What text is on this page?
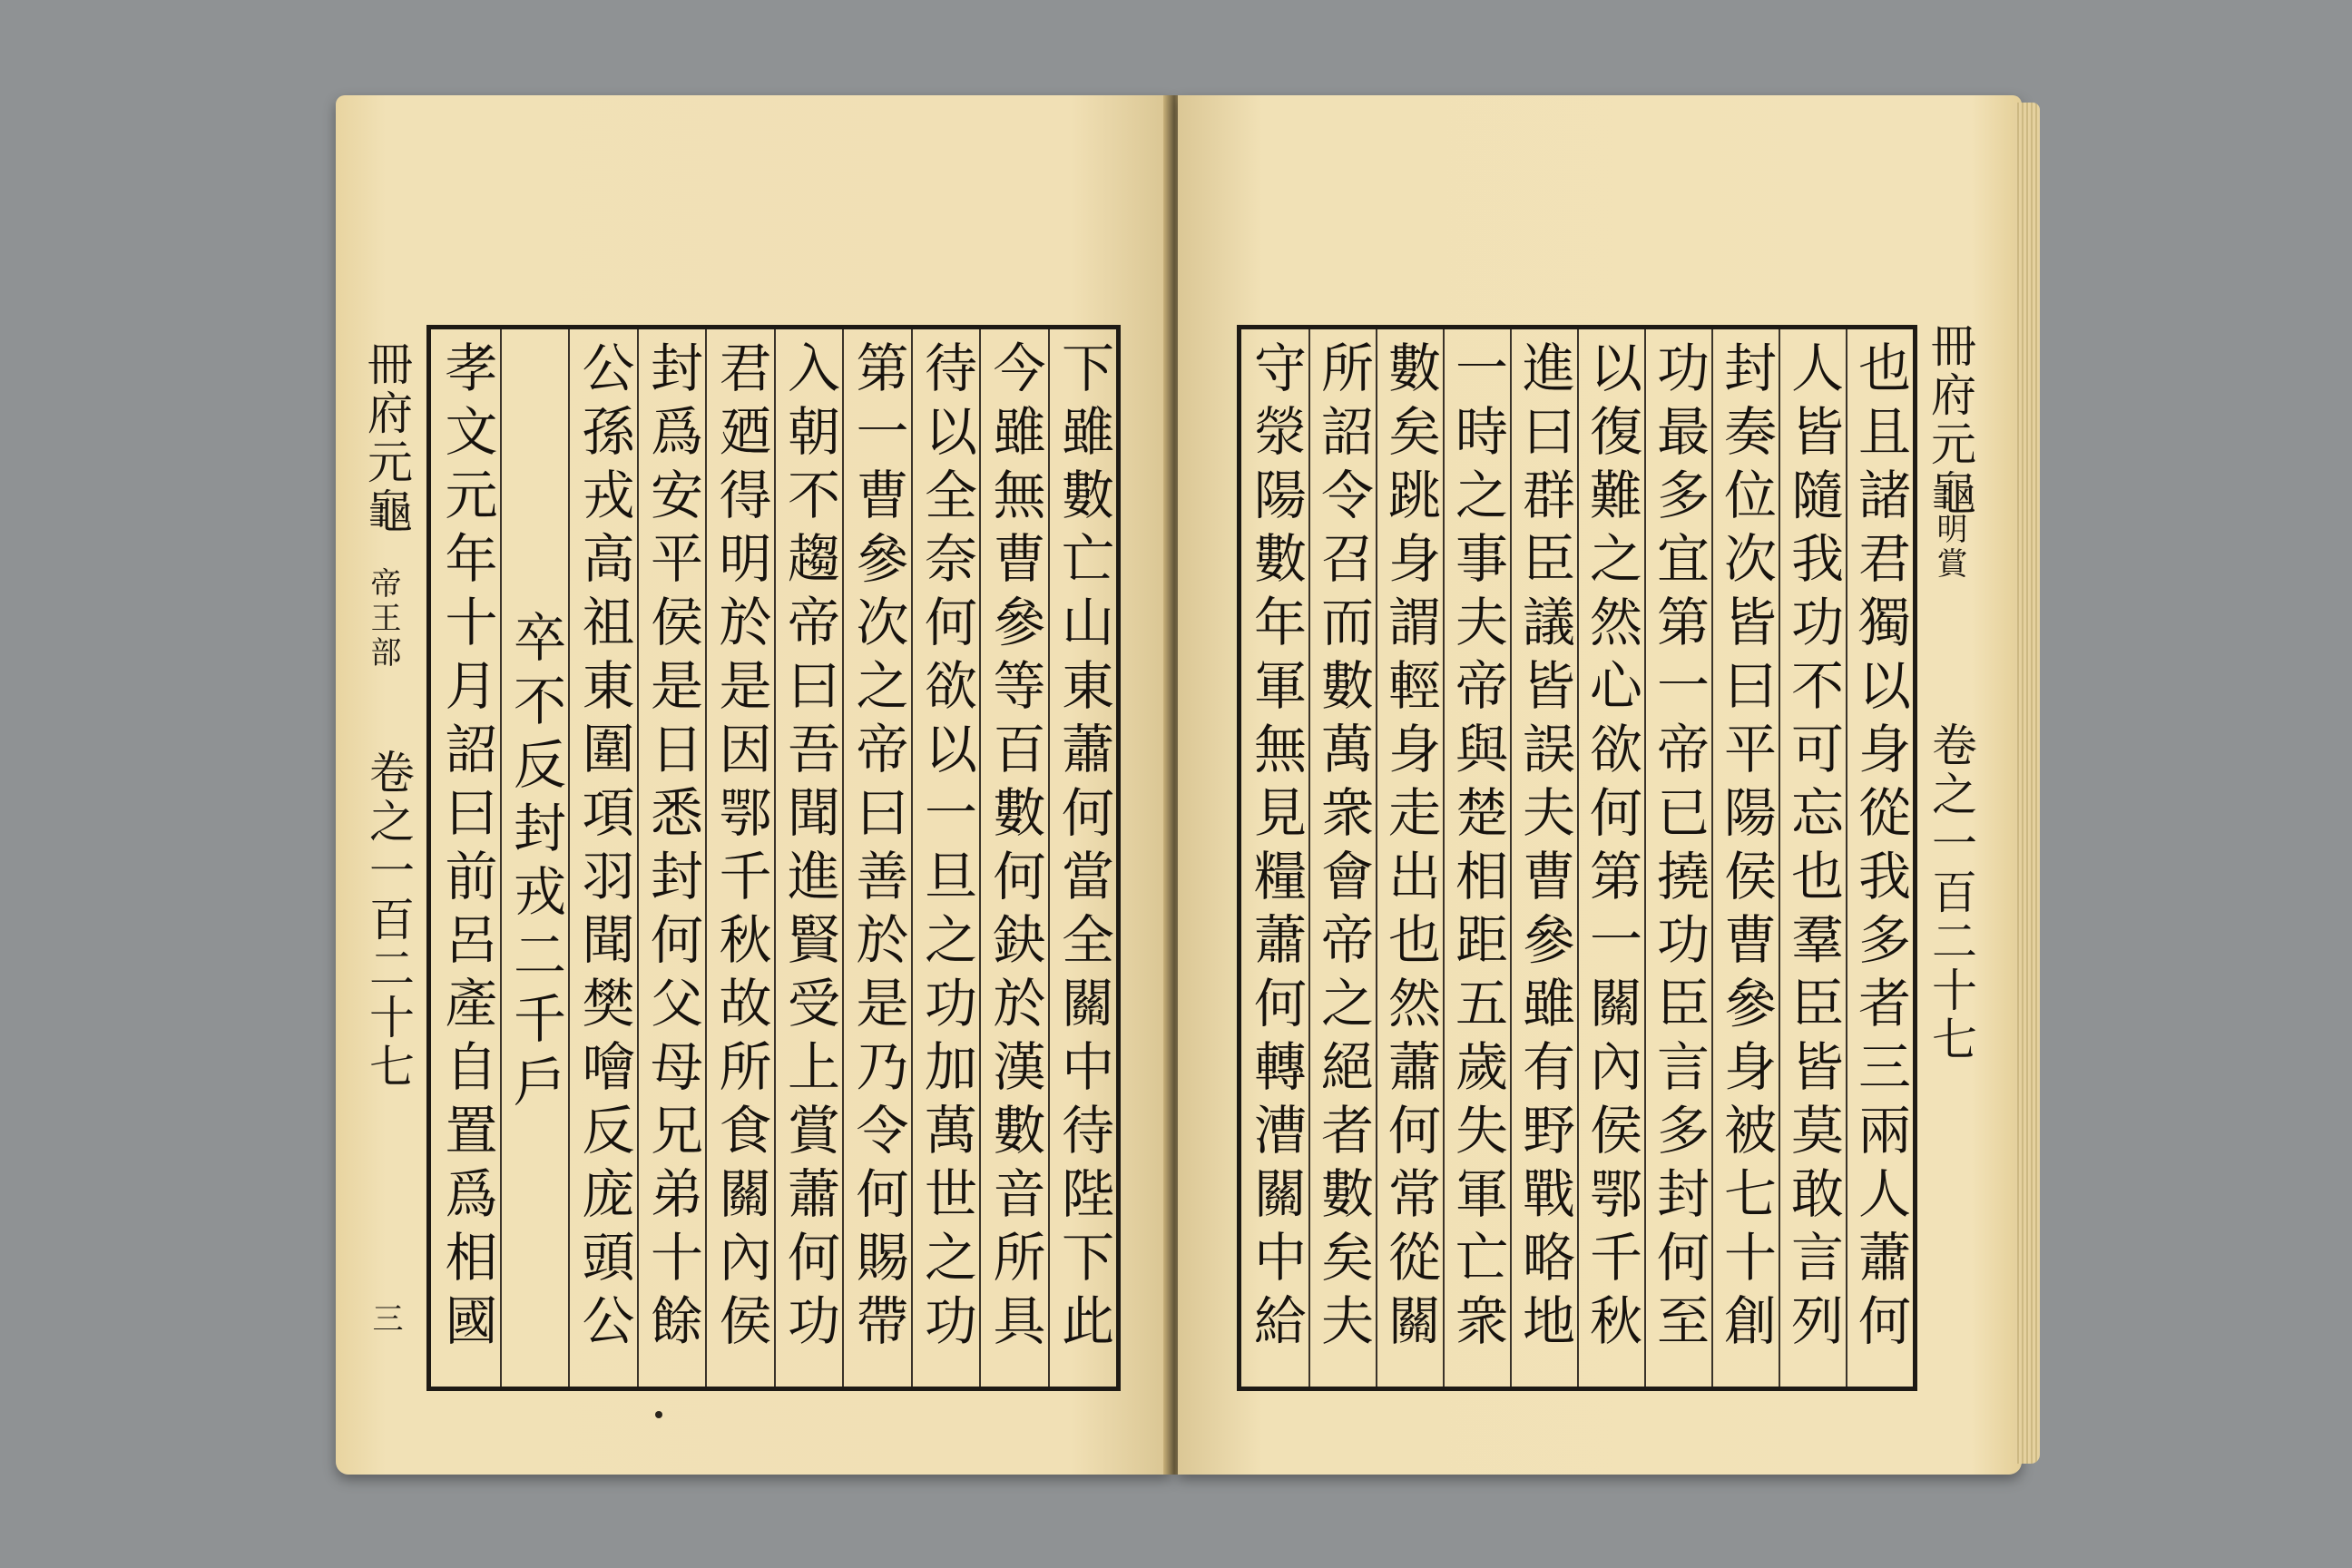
冊府元龜
帝王部
卷之一百二十七
三
下雖數亡山東蕭何當全關中待陛下此
今雖無曹參等百數何鈌於漢數音所具
待以全奈何欲以一旦之功加萬世之功
第一曹參次之帝曰善於是乃令何賜帶
入朝不趨帝曰吾聞進賢受上賞蕭何功
君廼得明於是因鄂千秋故所食關內侯
封爲安平侯是日悉封何父母兄弟十餘
公孫戎高祖東圍項羽聞樊噲反庞頭公
卒不反封戎二千戶
孝文元年十月詔曰前呂產自置爲相國
也且諸君獨以身從我多者三兩人蕭何
人皆隨我功不可忘也羣臣皆莫敢言列
封奏位次皆曰平陽侯曹參身被七十創
功最多宜第一帝已撓功臣言多封何至
以復難之然心欲何第一關內侯鄂千秋
進曰群臣議皆誤夫曹參雖有野戰略地
一時之事夫帝與楚相距五歲失軍亡衆
數矣跳身謂輕身走出也然蕭何常從關
所詔令召而數萬衆會帝之絕者數矣夫
守滎陽數年軍無見糧蕭何轉漕關中給
冊府元龜
明賞
卷之一百二十七
